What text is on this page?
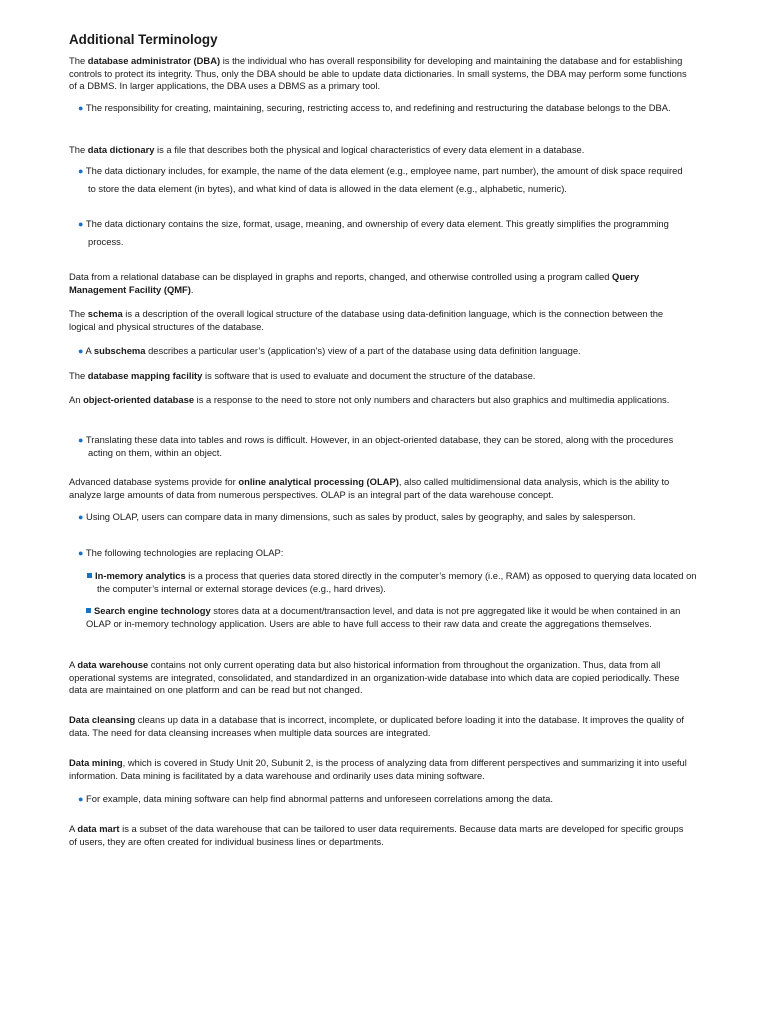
Additional Terminology

The database administrator (DBA) is the individual who has overall responsibility for developing and maintaining the database and for establishing controls to protect its integrity. Thus, only the DBA should be able to update data dictionaries. In small systems, the DBA may perform some functions of a DBMS. In larger applications, the DBA uses a DBMS as a primary tool.

● The responsibility for creating, maintaining, securing, restricting access to, and redefining and restructuring the database belongs to the DBA.

The data dictionary is a file that describes both the physical and logical characteristics of every data element in a database.

● The data dictionary includes, for example, the name of the data element (e.g., employee name, part number), the amount of disk space required to store the data element (in bytes), and what kind of data is allowed in the data element (e.g., alphabetic, numeric).

● The data dictionary contains the size, format, usage, meaning, and ownership of every data element. This greatly simplifies the programming process.

Data from a relational database can be displayed in graphs and reports, changed, and otherwise controlled using a program called Query Management Facility (QMF).

The schema is a description of the overall logical structure of the database using data-definition language, which is the connection between the logical and physical structures of the database.

● A subschema describes a particular user’s (application’s) view of a part of the database using data definition language.

The database mapping facility is software that is used to evaluate and document the structure of the database.

An object-oriented database is a response to the need to store not only numbers and characters but also graphics and multimedia applications.

● Translating these data into tables and rows is difficult. However, in an object-oriented database, they can be stored, along with the procedures acting on them, within an object.

Advanced database systems provide for online analytical processing (OLAP), also called multidimensional data analysis, which is the ability to analyze large amounts of data from numerous perspectives. OLAP is an integral part of the data warehouse concept.

● Using OLAP, users can compare data in many dimensions, such as sales by product, sales by geography, and sales by salesperson.

● The following technologies are replacing OLAP:

In-memory analytics is a process that queries data stored directly in the computer’s memory (i.e., RAM) as opposed to querying data located on the computer’s internal or external storage devices (e.g., hard drives).

Search engine technology stores data at a document/transaction level, and data is not pre aggregated like it would be when contained in an OLAP or in-memory technology application. Users are able to have full access to their raw data and create the aggregations themselves.

A data warehouse contains not only current operating data but also historical information from throughout the organization. Thus, data from all operational systems are integrated, consolidated, and standardized in an organization-wide database into which data are copied periodically. These data are maintained on one platform and can be read but not changed.

Data cleansing cleans up data in a database that is incorrect, incomplete, or duplicated before loading it into the database. It improves the quality of data. The need for data cleansing increases when multiple data sources are integrated.

Data mining, which is covered in Study Unit 20, Subunit 2, is the process of analyzing data from different perspectives and summarizing it into useful information. Data mining is facilitated by a data warehouse and ordinarily uses data mining software.

● For example, data mining software can help find abnormal patterns and unforeseen correlations among the data.

A data mart is a subset of the data warehouse that can be tailored to user data requirements. Because data marts are developed for specific groups of users, they are often created for individual business lines or departments.
